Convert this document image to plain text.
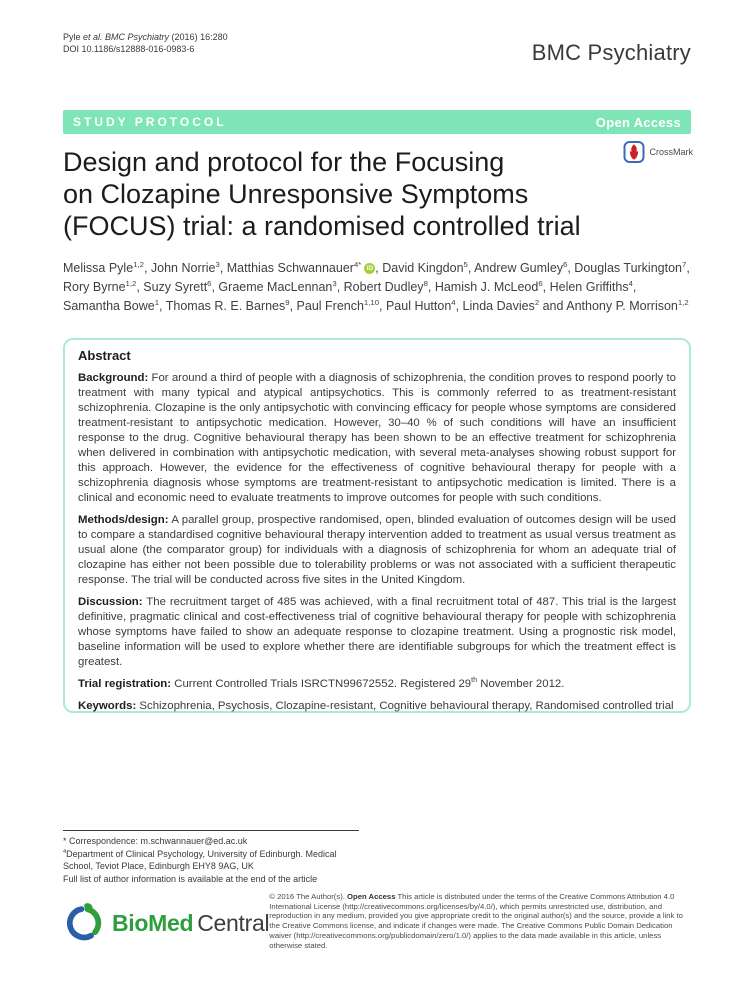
Pyle et al. BMC Psychiatry (2016) 16:280
DOI 10.1186/s12888-016-0983-6	BMC Psychiatry
STUDY PROTOCOL	Open Access
CrossMark
Design and protocol for the Focusing
on Clozapine Unresponsive Symptoms
(FOCUS) trial: a randomised controlled trial
Melissa Pyle$^{1,2}$, John Norrie$^3$, Matthias Schwannauer$^{4*}$ iD , David Kingdon$^5$, Andrew Gumley$^6$, Douglas Turkington$^7$,
Rory Byrne$^{1,2}$, Suzy Syrett$^6$, Graeme MacLennan$^3$, Robert Dudley$^8$, Hamish J. McLeod$^6$, Helen Griffiths$^4$,
Samantha Bowe$^1$, Thomas R. E. Barnes$^9$, Paul French$^{1,10}$, Paul Hutton$^4$, Linda Davies$^2$ and Anthony P. Morrison$^{1,2}$

Abstract

Background: For around a third of people with a diagnosis of schizophrenia, the condition proves to respond poorly to treatment with many typical and atypical antipsychotics. This is commonly referred to as treatment-resistant schizophrenia. Clozapine is the only antipsychotic with convincing efficacy for people whose symptoms are considered treatment-resistant to antipsychotic medication. However, 30–40 % of such conditions will have an insufficient response to the drug. Cognitive behavioural therapy has been shown to be an effective treatment for schizophrenia when delivered in combination with antipsychotic medication, with several meta-analyses showing robust support for this approach. However, the evidence for the effectiveness of cognitive behavioural therapy for people with a schizophrenia diagnosis whose symptoms are treatment-resistant to antipsychotic medication is limited. There is a clinical and economic need to evaluate treatments to improve outcomes for people with such conditions.

Methods/design: A parallel group, prospective randomised, open, blinded evaluation of outcomes design will be used to compare a standardised cognitive behavioural therapy intervention added to treatment as usual versus treatment as usual alone (the comparator group) for individuals with a diagnosis of schizophrenia for whom an adequate trial of clozapine has either not been possible due to tolerability problems or was not associated with a sufficient therapeutic response. The trial will be conducted across five sites in the United Kingdom.

Discussion: The recruitment target of 485 was achieved, with a final recruitment total of 487. This trial is the largest definitive, pragmatic clinical and cost-effectiveness trial of cognitive behavioural therapy for people with schizophrenia whose symptoms have failed to show an adequate response to clozapine treatment. Using a prognostic risk model, baseline information will be used to explore whether there are identifiable subgroups for which the treatment effect is greatest.

Trial registration: Current Controlled Trials ISRCTN99672552. Registered 29th November 2012.

Keywords: Schizophrenia, Psychosis, Clozapine-resistant, Cognitive behavioural therapy, Randomised controlled trial

* Correspondence: m.schwannauer@ed.ac.uk

$^4$Department of Clinical Psychology, University of Edinburgh. Medical School, Teviot Place, Edinburgh EHY8 9AG, UK

Full list of author information is available at the end of the article

BioMed Central
© 2016 The Author(s). Open Access This article is distributed under the terms of the Creative Commons Attribution 4.0 International License (http://creativecommons.org/licenses/by/4.0/), which permits unrestricted use, distribution, and reproduction in any medium, provided you give appropriate credit to the original author(s) and the source, provide a link to the Creative Commons license, and indicate if changes were made. The Creative Commons Public Domain Dedication waiver (http://creativecommons.org/publicdomain/zero/1.0/) applies to the data made available in this article, unless otherwise stated.
